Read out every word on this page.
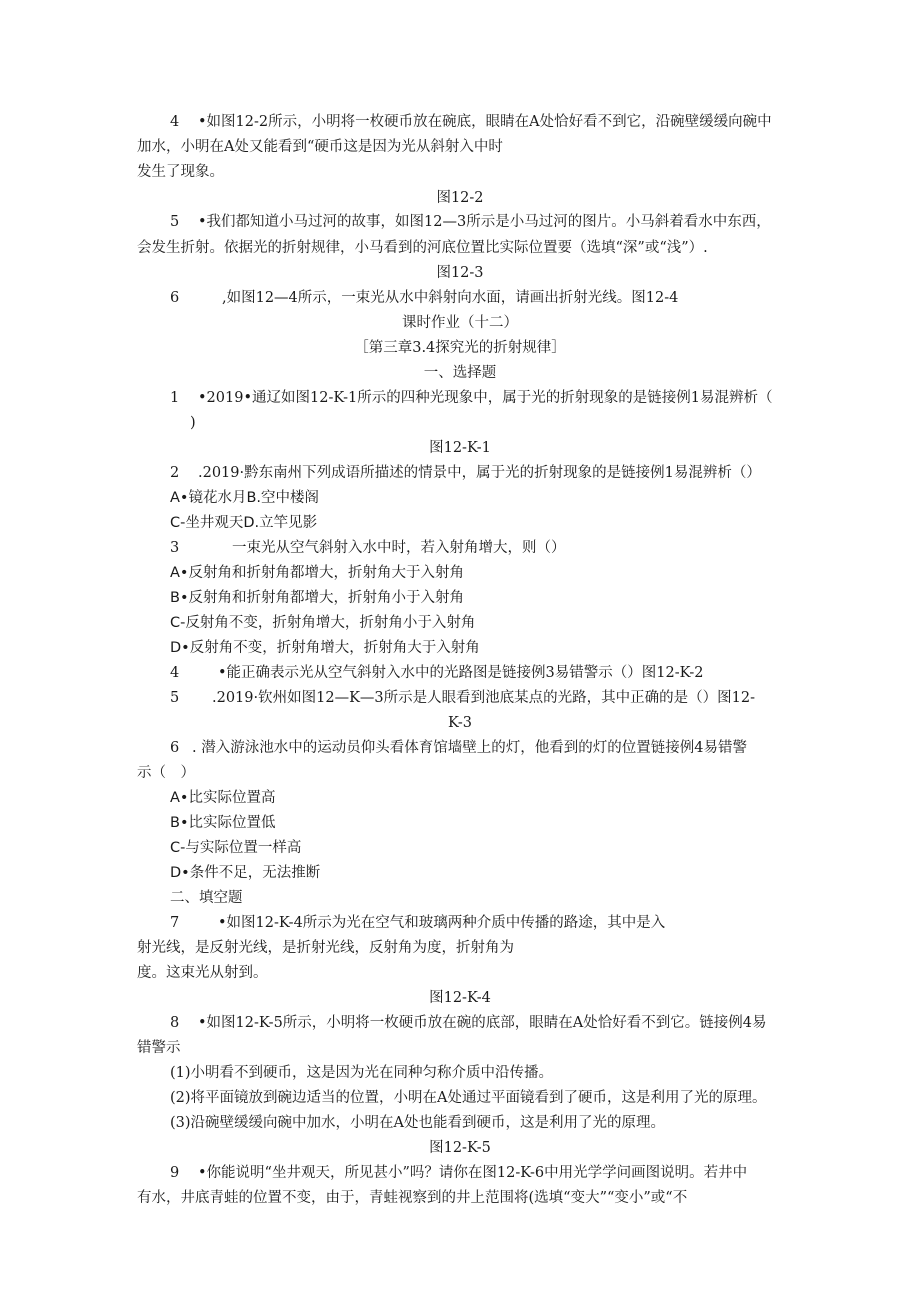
4 •如图12-2所示，小明将一枚硬币放在碗底，眼睛在A处恰好看不到它，沿碗壁缓缓向碗中
加水，小明在A处又能看到“硬币这是因为光从斜射入中时
发生了现象。
图12-2
5 •我们都知道小马过河的故事，如图12—3所示是小马过河的图片。小马斜着看水中东西，
会发生折射。依据光的折射规律，小马看到的河底位置比实际位置要（选填“深”或“浅”）.
图12-3
6	,如图12—4所示，一束光从水中斜射向水面，请画出折射光线。图12-4
课时作业（十二）
［第三章3.4探究光的折射规律］
一、选择题
1 •2019•通辽如图12-K-1所示的四种光现象中，属于光的折射现象的是链接例1易混辨析（
)
图12-K-1
2 .2019·黔东南州下列成语所描述的情景中，属于光的折射现象的是链接例1易混辨析（）
A•镜花水月B.空中楼阁
C-坐井观天D.立竿见影
3	一束光从空气斜射入水中时，若入射角增大，则（）
A•反射角和折射角都增大，折射角大于入射角
B•反射角和折射角都增大，折射角小于入射角
C-反射角不变，折射角增大，折射角小于入射角
D•反射角不变，折射角增大，折射角大于入射角
4	•能正确表示光从空气斜射入水中的光路图是链接例3易错警示（）图12-K-2
5 .2019·钦州如图12—K—3所示是人眼看到池底某点的光路，其中正确的是（）图12-
K-3
6 . 潜入游泳池水中的运动员仰头看体育馆墙壁上的灯，他看到的灯的位置链接例4易错警
示（　）
A•比实际位置高
B•比实际位置低
C-与实际位置一样高
D•条件不足，无法推断
二、填空题
7	•如图12-K-4所示为光在空气和玻璃两种介质中传播的路途，其中是入
射光线，是反射光线，是折射光线，反射角为度，折射角为
度。这束光从射到。
图12-K-4
8 •如图12-K-5所示，小明将一枚硬币放在碗的底部，眼睛在A处恰好看不到它。链接例4易
错警示
(1)小明看不到硬币，这是因为光在同种匀称介质中沿传播。
(2)将平面镜放到碗边适当的位置，小明在A处通过平面镜看到了硬币，这是利用了光的原理。
(3)沿碗壁缓缓向碗中加水，小明在A处也能看到硬币，这是利用了光的原理。
图12-K-5
9 •你能说明“坐井观天，所见甚小”吗？请你在图12-K-6中用光学学问画图说明。若井中
有水，井底青蛙的位置不变，由于，青蛙视察到的井上范围将(选填“变大”“变小”或“不
